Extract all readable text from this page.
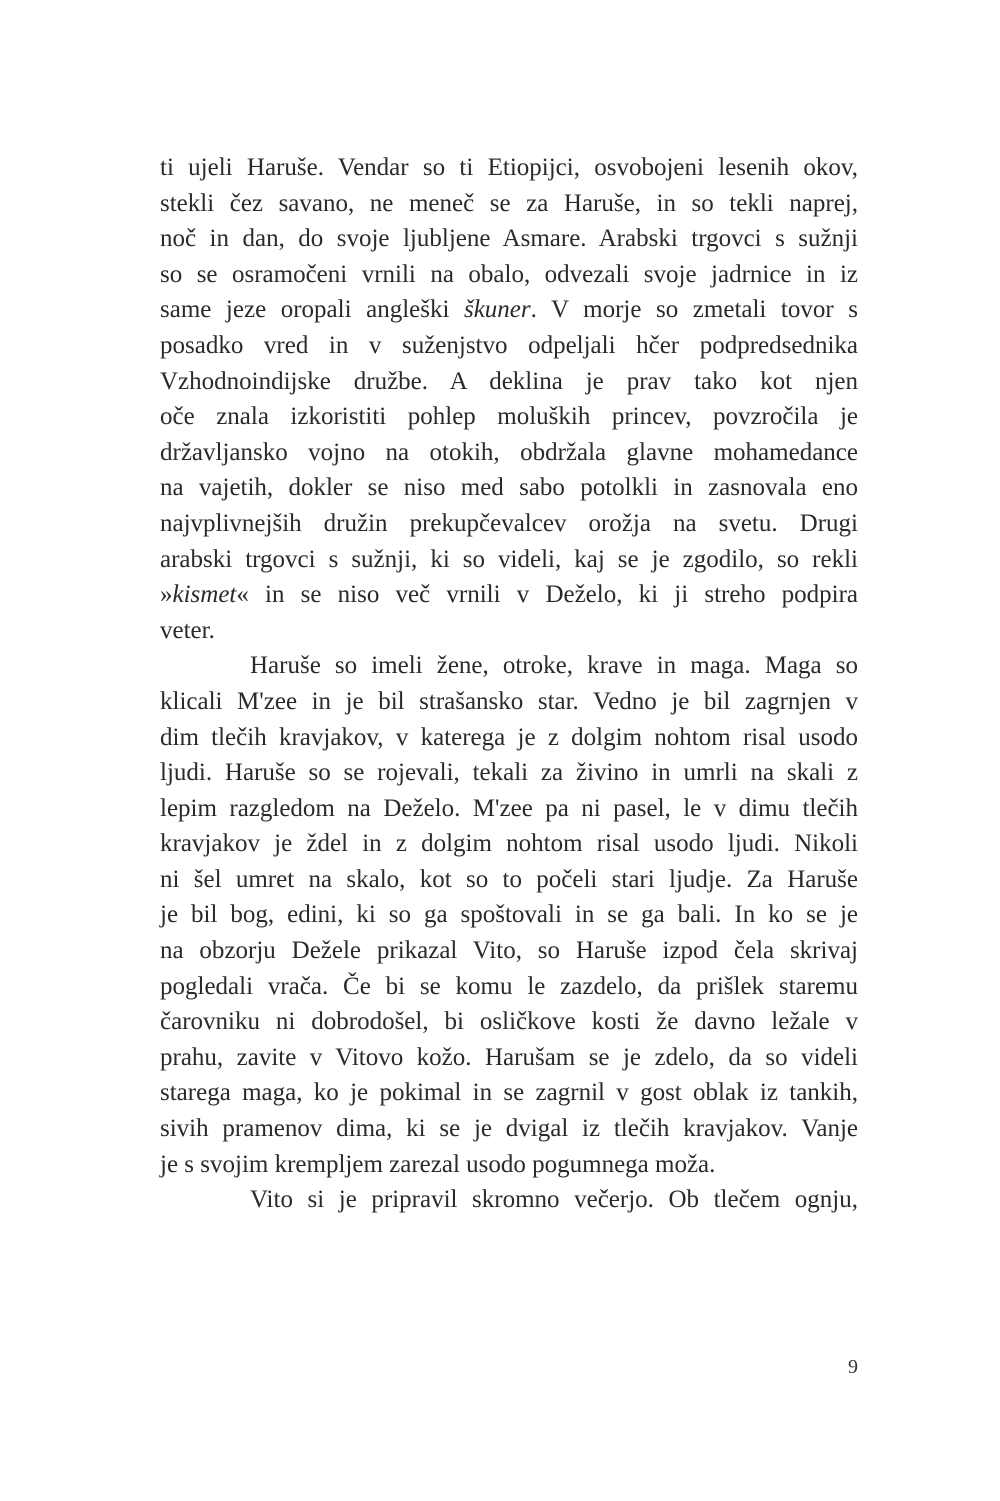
ti ujeli Haruše. Vendar so ti Etiopijci, osvobojeni lesenih okov,
stekli čez savano, ne meneč se za Haruše, in so tekli naprej,
noč in dan, do svoje ljubljene Asmare. Arabski trgovci s sužnji
so se osramočeni vrnili na obalo, odvezali svoje jadrnice in iz
same jeze oropali angleški škuner. V morje so zmetali tovor s
posadko vred in v suženjstvo odpeljali hčer podpredsednika
Vzhodnoindijske družbe. A deklina je prav tako kot njen
oče znala izkoristiti pohlep moluških princev, povzročila je
državljansko vojno na otokih, obdržala glavne mohamedance
na vajetih, dokler se niso med sabo potolkli in zasnovala eno
najvplivnejših družin prekupčevalcev orožja na svetu. Drugi
arabski trgovci s sužnji, ki so videli, kaj se je zgodilo, so rekli
»kismet« in se niso več vrnili v Deželo, ki ji streho podpira
veter.
Haruše so imeli žene, otroke, krave in maga. Maga so
klicali M'zee in je bil strašansko star. Vedno je bil zagrnjen v
dim tlečih kravjakov, v katerega je z dolgim nohtom risal usodo
ljudi. Haruše so se rojevali, tekali za živino in umrli na skali z
lepim razgledom na Deželo. M'zee pa ni pasel, le v dimu tlečih
kravjakov je ždel in z dolgim nohtom risal usodo ljudi. Nikoli
ni šel umret na skalo, kot so to počeli stari ljudje. Za Haruše
je bil bog, edini, ki so ga spoštovali in se ga bali. In ko se je
na obzorju Dežele prikazal Vito, so Haruše izpod čela skrivaj
pogledali vrača. Če bi se komu le zazdelo, da prišlek staremu
čarovniku ni dobrodošel, bi osličkove kosti že davno ležale v
prahu, zavite v Vitovo kožo. Harušam se je zdelo, da so videli
starega maga, ko je pokimal in se zagrnil v gost oblak iz tankih,
sivih pramenov dima, ki se je dvigal iz tlečih kravjakov. Vanje
je s svojim krempljem zarezal usodo pogumnega moža.
Vito si je pripravil skromno večerjo. Ob tlečem ognju,
9
